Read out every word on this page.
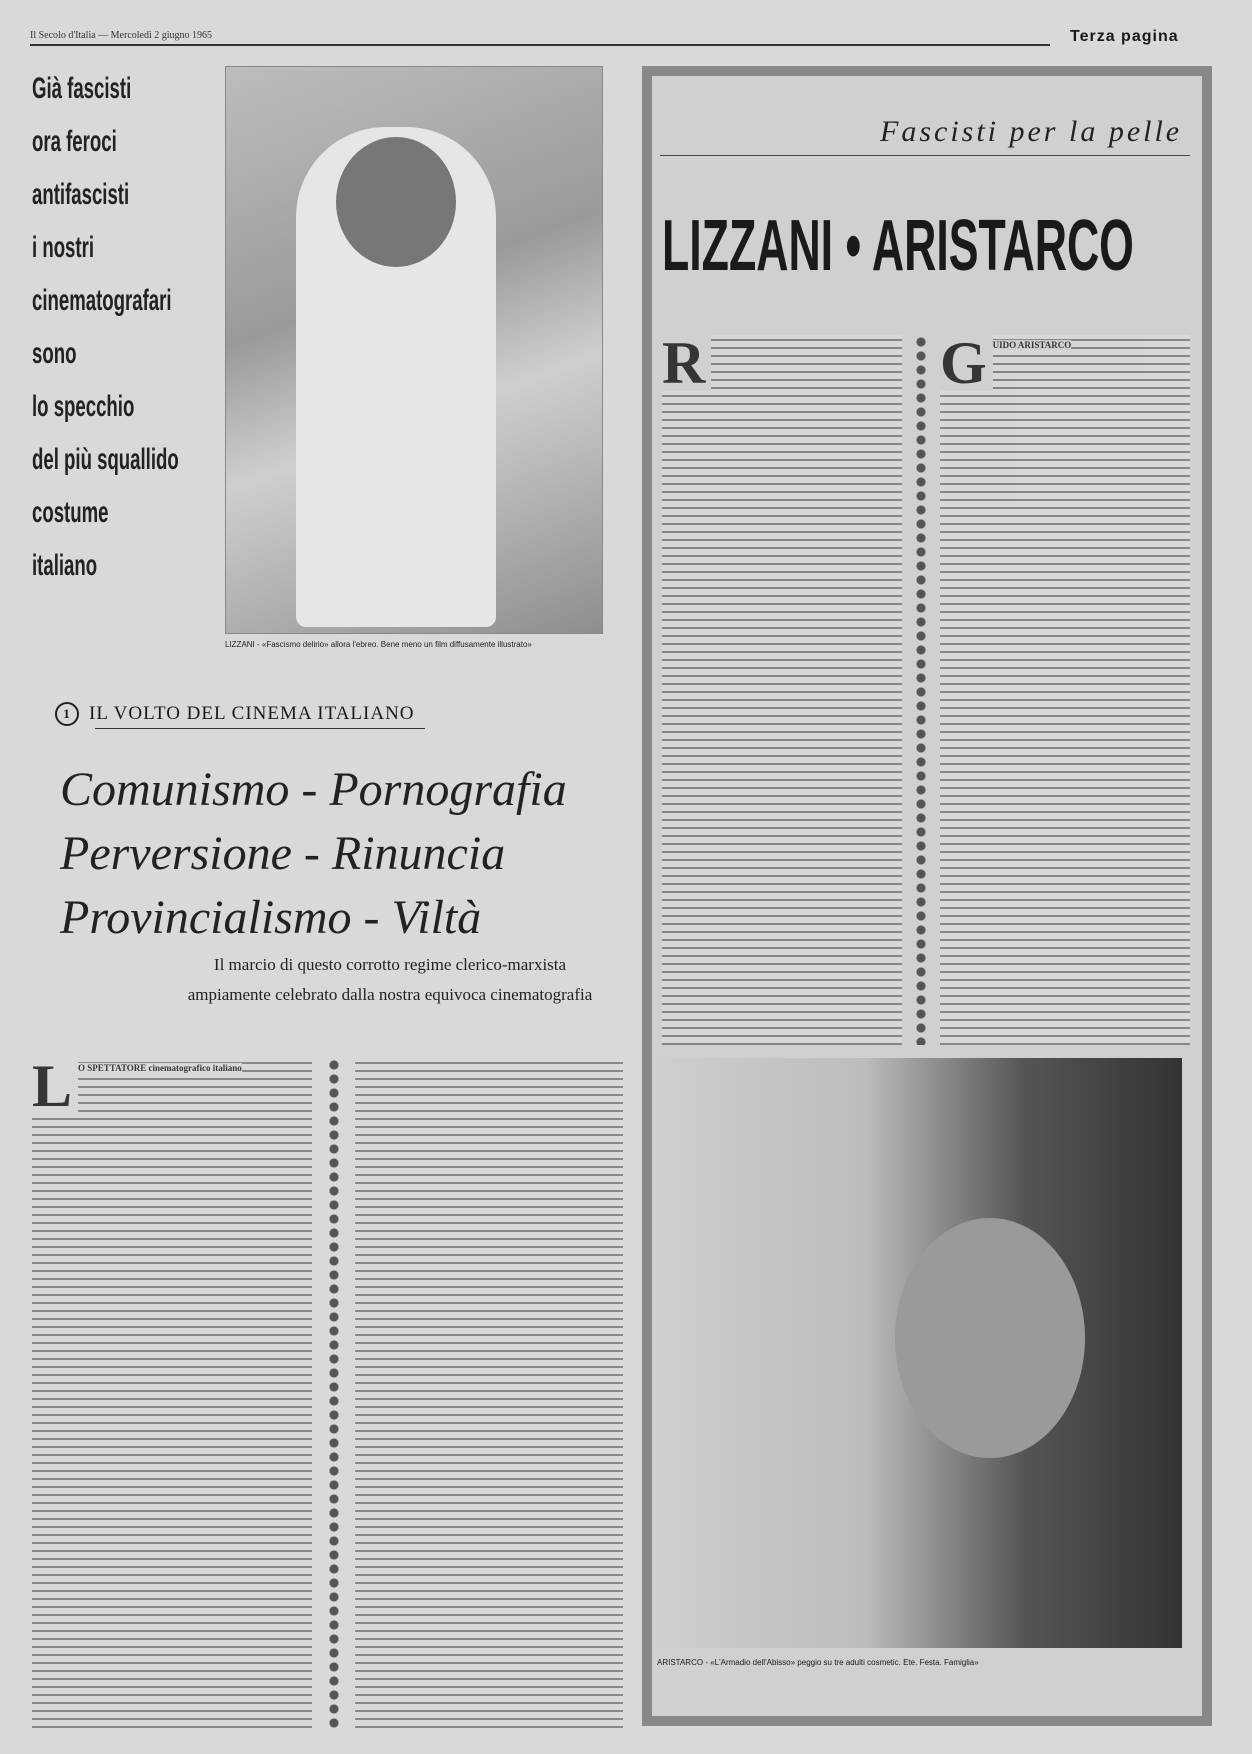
Il Secolo d'Italia — Mercoledì 2 giugno 1965	Terza pagina
Già fascisti
ora feroci
antifascisti
i nostri
cinematografari
sono
lo specchio
del più squallido
costume
italiano
LIZZANI - «Fascismo delirio» allora l'ebreo. Bene meno un film diffusamente illustrato»
1 IL VOLTO DEL CINEMA ITALIANO
Comunismo - Pornografia
Perversione - Rinuncia
Provincialismo - Viltà
Il marcio di questo corrotto regime clerico-marxista
ampiamente celebrato dalla nostra equivoca cinematografia
L O SPETTATORE cinematografico italiano
Fascisti per la pelle
LIZZANI • ARISTARCO
R	G UIDO ARISTARCO
ARISTARCO - «L'Armadio dell'Abisso» peggio su tre adulti cosmetic. Ete. Festa. Famiglia»
